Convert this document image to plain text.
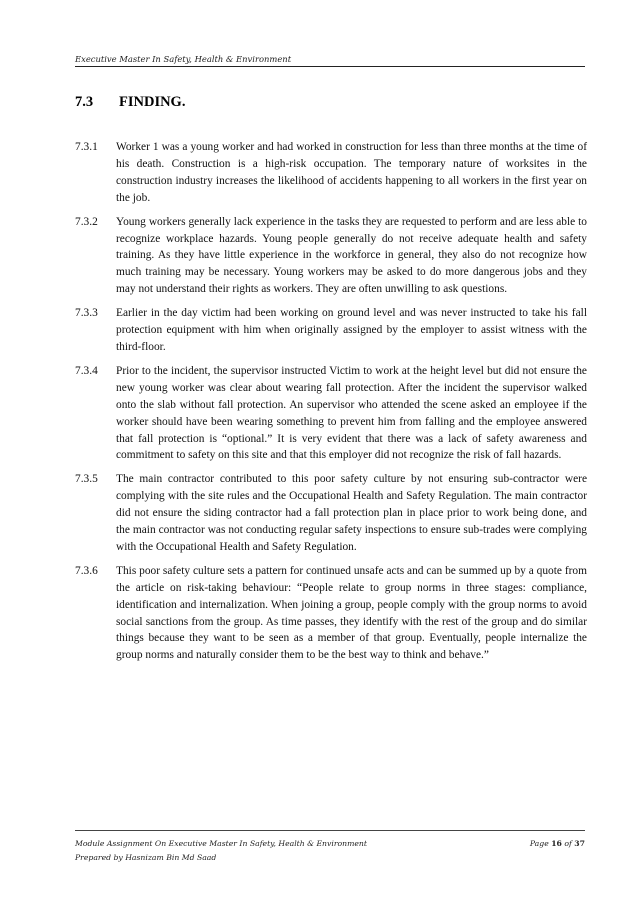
Executive Master In Safety, Health & Environment
7.3 FINDING.
7.3.1	Worker 1 was a young worker and had worked in construction for less than three months at the time of his death. Construction is a high-risk occupation. The temporary nature of worksites in the construction industry increases the likelihood of accidents happening to all workers in the first year on the job.
7.3.2	Young workers generally lack experience in the tasks they are requested to perform and are less able to recognize workplace hazards. Young people generally do not receive adequate health and safety training. As they have little experience in the workforce in general, they also do not recognize how much training may be necessary. Young workers may be asked to do more dangerous jobs and they may not understand their rights as workers. They are often unwilling to ask questions.
7.3.3	Earlier in the day victim had been working on ground level and was never instructed to take his fall protection equipment with him when originally assigned by the employer to assist witness with the third-floor.
7.3.4	Prior to the incident, the supervisor instructed Victim to work at the height level but did not ensure the new young worker was clear about wearing fall protection. After the incident the supervisor walked onto the slab without fall protection. An supervisor who attended the scene asked an employee if the worker should have been wearing something to prevent him from falling and the employee answered that fall protection is “optional.” It is very evident that there was a lack of safety awareness and commitment to safety on this site and that this employer did not recognize the risk of fall hazards.
7.3.5	The main contractor contributed to this poor safety culture by not ensuring sub-contractor were complying with the site rules and the Occupational Health and Safety Regulation. The main contractor did not ensure the siding contractor had a fall protection plan in place prior to work being done, and the main contractor was not conducting regular safety inspections to ensure sub-trades were complying with the Occupational Health and Safety Regulation.
7.3.6	This poor safety culture sets a pattern for continued unsafe acts and can be summed up by a quote from the article on risk-taking behaviour: “People relate to group norms in three stages: compliance, identification and internalization. When joining a group, people comply with the group norms to avoid social sanctions from the group. As time passes, they identify with the rest of the group and do similar things because they want to be seen as a member of that group. Eventually, people internalize the group norms and naturally consider them to be the best way to think and behave.”
Module Assignment On Executive Master In Safety, Health & Environment	Page 16 of 37
Prepared by Hasnizam Bin Md Saad
